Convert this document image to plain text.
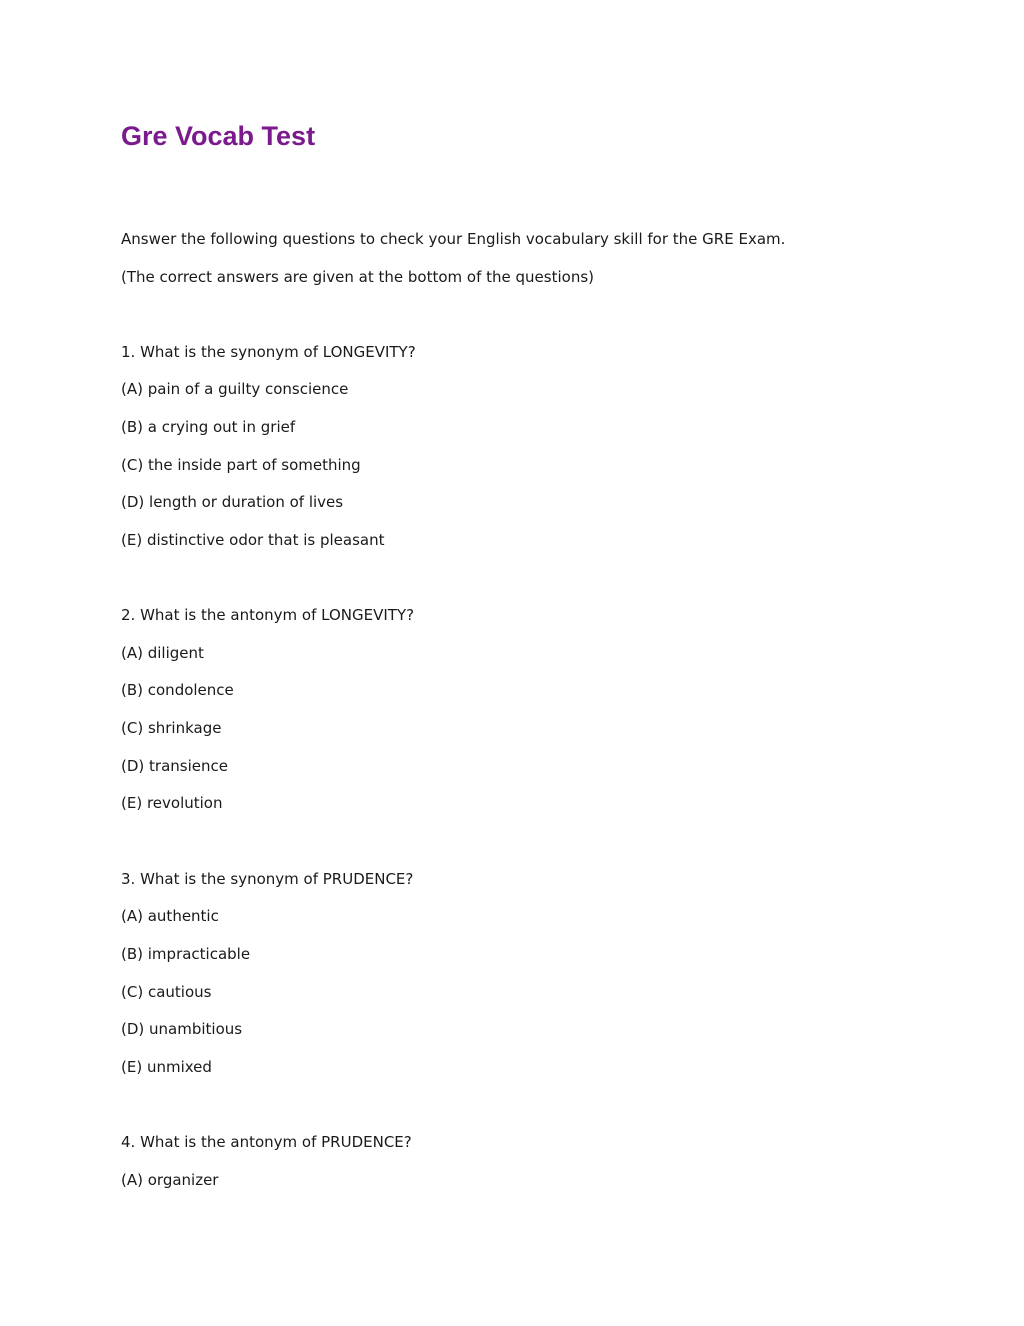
Gre Vocab Test

Answer the following questions to check your English vocabulary skill for the GRE Exam.

(The correct answers are given at the bottom of the questions)

1. What is the synonym of LONGEVITY?

(A) pain of a guilty conscience

(B) a crying out in grief

(C) the inside part of something

(D) length or duration of lives

(E) distinctive odor that is pleasant

2. What is the antonym of LONGEVITY?

(A) diligent

(B) condolence

(C) shrinkage

(D) transience

(E) revolution

3. What is the synonym of PRUDENCE?

(A) authentic

(B) impracticable

(C) cautious

(D) unambitious

(E) unmixed

4. What is the antonym of PRUDENCE?

(A) organizer
